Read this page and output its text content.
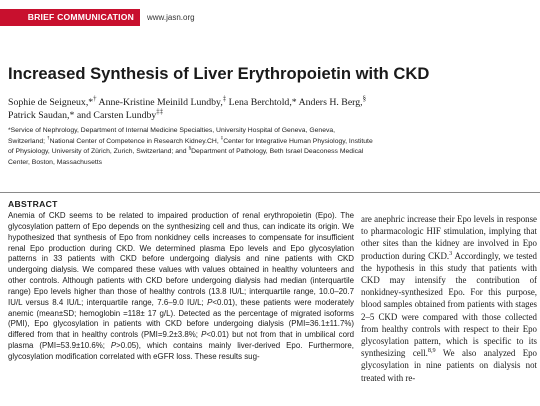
BRIEF COMMUNICATION	www.jasn.org
Increased Synthesis of Liver Erythropoietin with CKD
Sophie de Seigneux,*† Anne-Kristine Meinild Lundby,‡ Lena Berchtold,* Anders H. Berg,§
Patrick Saudan,* and Carsten Lundby‡‡
*Service of Nephrology, Department of Internal Medicine Specialties, University Hospital of Geneva, Geneva,
Switzerland; †National Center of Competence in Research Kidney.CH, ‡Center for Integrative Human Physiology, Institute
of Physiology, University of Zürich, Zurich, Switzerland; and §Department of Pathology, Beth Israel Deaconess Medical
Center, Boston, Massachusetts
ABSTRACT

Anemia of CKD seems to be related to impaired production of renal erythropoietin (Epo). The glycosylation pattern of Epo depends on the synthesizing cell and thus, can indicate its origin. We hypothesized that synthesis of Epo from nonkidney cells increases to compensate for insufficient renal Epo production during CKD. We determined plasma Epo levels and Epo glycosylation patterns in 33 patients with CKD before undergoing dialysis and nine patients with CKD undergoing dialysis. We compared these values with values obtained in healthy volunteers and other controls. Although patients with CKD before undergoing dialysis had median (interquartile range) Epo levels higher than those of healthy controls (13.8 IU/L; interquartile range, 10.0–20.7 IU/L versus 8.4 IU/L; interquartile range, 7.6–9.0 IU/L; P<0.01), these patients were moderately anemic (mean±SD; hemoglobin =118± 17 g/L). Detected as the percentage of migrated isoforms (PMI), Epo glycosylation in patients with CKD before undergoing dialysis (PMI=36.1±11.7%) differed from that in healthy controls (PMI=9.2±3.8%; P<0.01) but not from that in umbilical cord plasma (PMI=53.9±10.6%; P>0.05), which contains mainly liver-derived Epo. Furthermore, glycosylation modification correlated with eGFR loss. These results sug-

are anephric increase their Epo levels in response to pharmacologic HIF stimulation, implying that other sites than the kidney are involved in Epo production during CKD.$^3$ Accordingly, we tested the hypothesis in this study that patients with CKD may intensify the contribution of nonkidney-synthesized Epo. For this purpose, blood samples obtained from patients with stages 2–5 CKD were compared with those collected from healthy controls with respect to their Epo glycosylation pattern, which is specific to its synthesizing cell.$^{8,9}$ We also analyzed Epo glycosylation in nine patients on dialysis not treated with re-
